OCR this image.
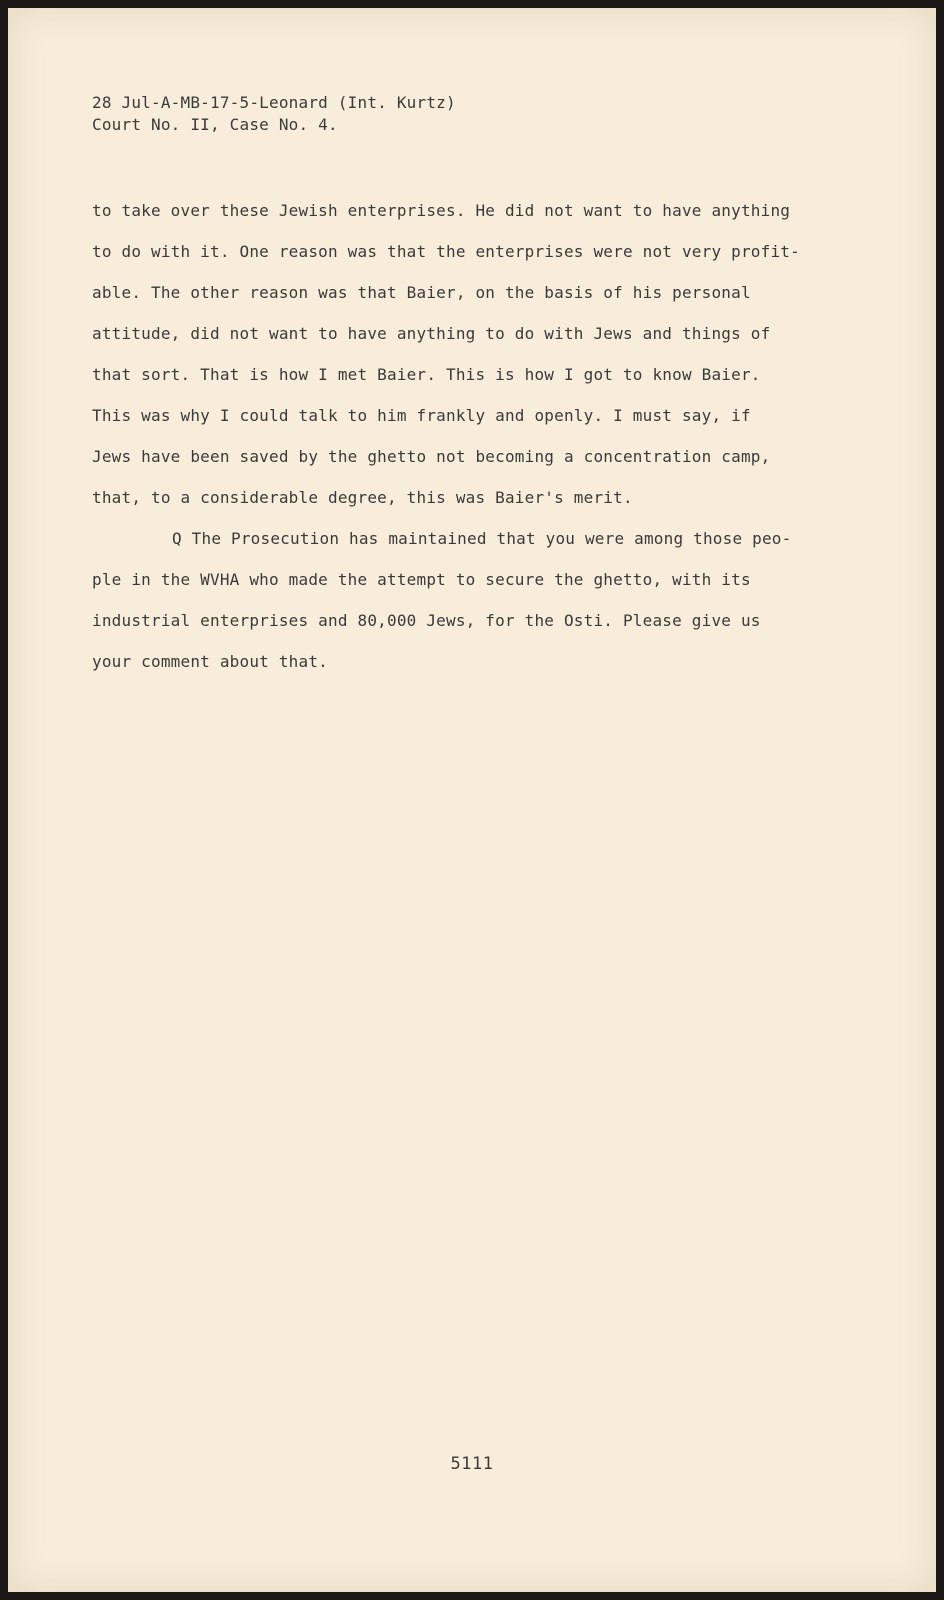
28 Jul-A-MB-17-5-Leonard (Int. Kurtz)
Court No. II, Case No. 4.
to take over these Jewish enterprises. He did not want to have anything
to do with it. One reason was that the enterprises were not very profit-
able. The other reason was that Baier, on the basis of his personal
attitude, did not want to have anything to do with Jews and things of
that sort. That is how I met Baier. This is how I got to know Baier.
This was why I could talk to him frankly and openly. I must say, if
Jews have been saved by the ghetto not becoming a concentration camp,
that, to a considerable degree, this was Baier's merit.
Q The Prosecution has maintained that you were among those peo-
ple in the WVHA who made the attempt to secure the ghetto, with its
industrial enterprises and 80,000 Jews, for the Osti. Please give us
your comment about that.
5111
